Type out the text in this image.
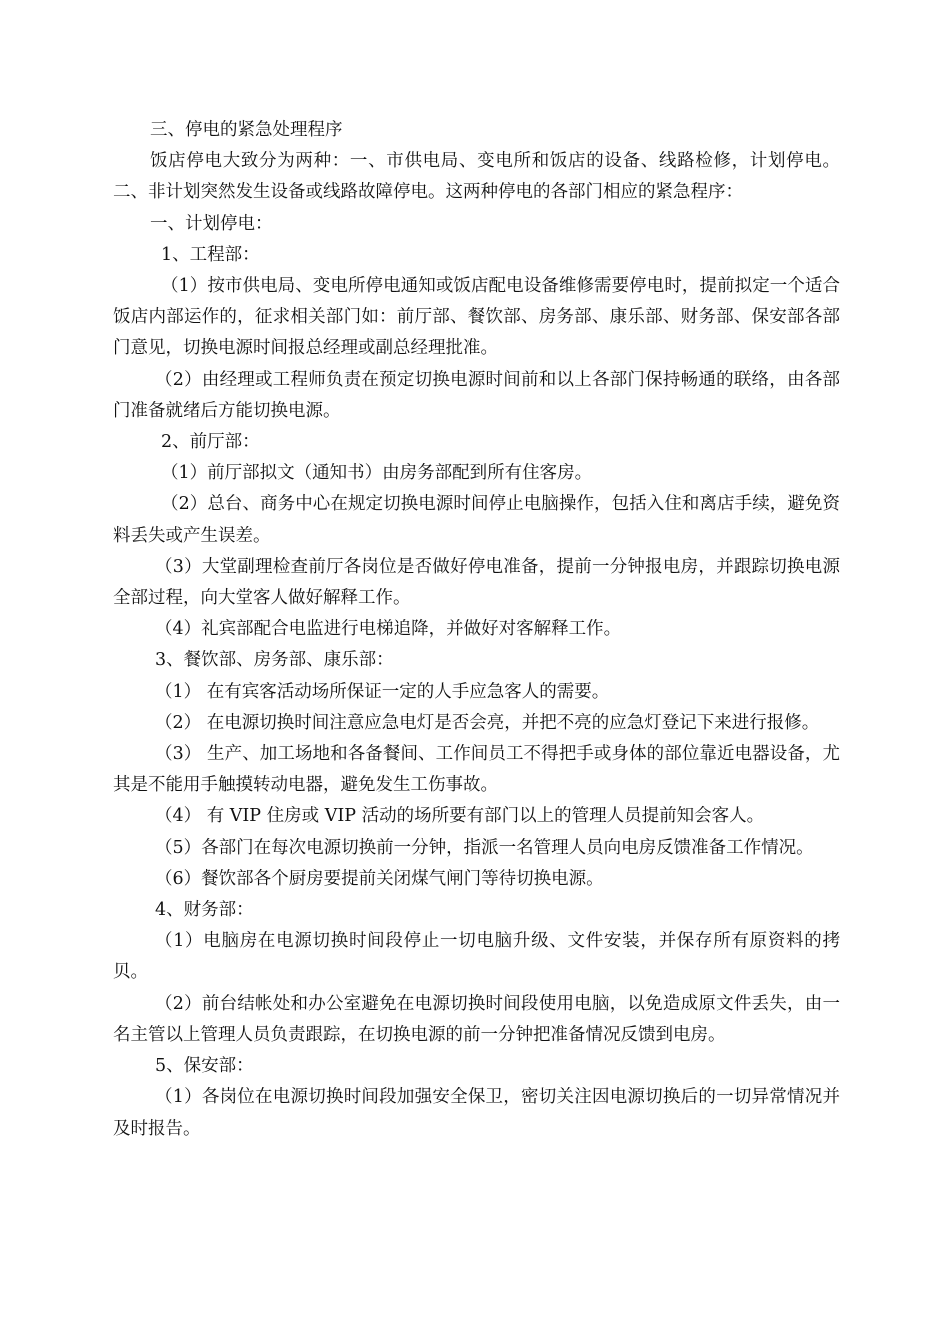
三、停电的紧急处理程序

饭店停电大致分为两种：一、市供电局、变电所和饭店的设备、线路检修，计划停电。二、非计划突然发生设备或线路故障停电。这两种停电的各部门相应的紧急程序：

一、计划停电：

1、工程部：

（1）按市供电局、变电所停电通知或饭店配电设备维修需要停电时，提前拟定一个适合饭店内部运作的，征求相关部门如：前厅部、餐饮部、房务部、康乐部、财务部、保安部各部门意见，切换电源时间报总经理或副总经理批准。

（2）由经理或工程师负责在预定切换电源时间前和以上各部门保持畅通的联络，由各部门准备就绪后方能切换电源。

2、前厅部：

（1）前厅部拟文（通知书）由房务部配到所有住客房。

（2）总台、商务中心在规定切换电源时间停止电脑操作，包括入住和离店手续，避免资料丢失或产生误差。

（3）大堂副理检查前厅各岗位是否做好停电准备，提前一分钟报电房，并跟踪切换电源全部过程，向大堂客人做好解释工作。

（4）礼宾部配合电监进行电梯追降，并做好对客解释工作。

3、餐饮部、房务部、康乐部：

（1） 在有宾客活动场所保证一定的人手应急客人的需要。

（2） 在电源切换时间注意应急电灯是否会亮，并把不亮的应急灯登记下来进行报修。

（3） 生产、加工场地和各备餐间、工作间员工不得把手或身体的部位靠近电器设备，尤其是不能用手触摸转动电器，避免发生工伤事故。

（4） 有 VIP 住房或 VIP 活动的场所要有部门以上的管理人员提前知会客人。

（5）各部门在每次电源切换前一分钟，指派一名管理人员向电房反馈准备工作情况。

（6）餐饮部各个厨房要提前关闭煤气闸门等待切换电源。

4、财务部：

（1）电脑房在电源切换时间段停止一切电脑升级、文件安装，并保存所有原资料的拷贝。

（2）前台结帐处和办公室避免在电源切换时间段使用电脑，以免造成原文件丢失，由一名主管以上管理人员负责跟踪，在切换电源的前一分钟把准备情况反馈到电房。

5、保安部：

（1）各岗位在电源切换时间段加强安全保卫，密切关注因电源切换后的一切异常情况并及时报告。
